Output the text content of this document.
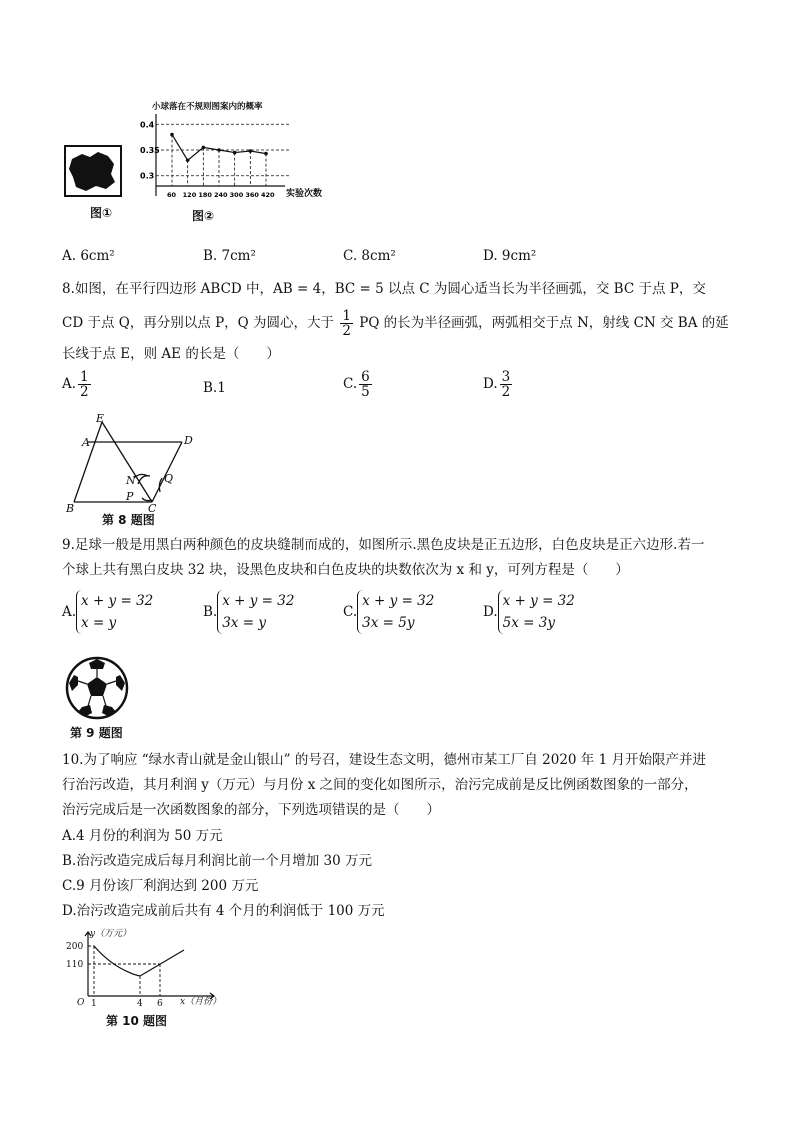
图①
小球落在不规则图案内的概率
0.4
0.35
0.3
60 120 180 240 300 360 420 实验次数
图②
A. 6cm²	B. 7cm²	C. 8cm²	D. 9cm²
8.如图，在平行四边形 ABCD 中，AB = 4，BC = 5 以点 C 为圆心适当长为半径画弧，交 BC 于点 P，交
CD 于点 Q，再分别以点 P，Q 为圆心，大于 $\frac{1}{2}$ PQ 的长为半径画弧，两弧相交于点 N，射线 CN 交 BA 的延
长线于点 E，则 AE 的长是（　　）
A. $\frac{1}{2}$	B.1	C. $\frac{6}{5}$	D. $\frac{3}{2}$
E
A	D
N	Q
P
B	C
第 8 题图
9.足球一般是用黑白两种颜色的皮块缝制而成的，如图所示.黑色皮块是正五边形，白色皮块是正六边形.若一
个球上共有黑白皮块 32 块，设黑色皮块和白色皮块的块数依次为 x 和 y，可列方程是（　　）
A.x + y = 32
x = y
B.x + y = 32
3x = y
C.x + y = 32
3x = 5y
D.x + y = 32
5x = 3y
第 9 题图
10.为了响应 “绿水青山就是金山银山” 的号召，建设生态文明，德州市某工厂自 2020 年 1 月开始限产并进
行治污改造，其月利润 y（万元）与月份 x 之间的变化如图所示，治污完成前是反比例函数图象的一部分，
治污完成后是一次函数图象的部分，下列选项错误的是（　　）
A.4 月份的利润为 50 万元
B.治污改造完成后每月利润比前一个月增加 30 万元
C.9 月份该厂利润达到 200 万元
D.治污改造完成前后共有 4 个月的利润低于 100 万元
y（万元）
200
110
O 1	4 6 x（月份）
第 10 题图
